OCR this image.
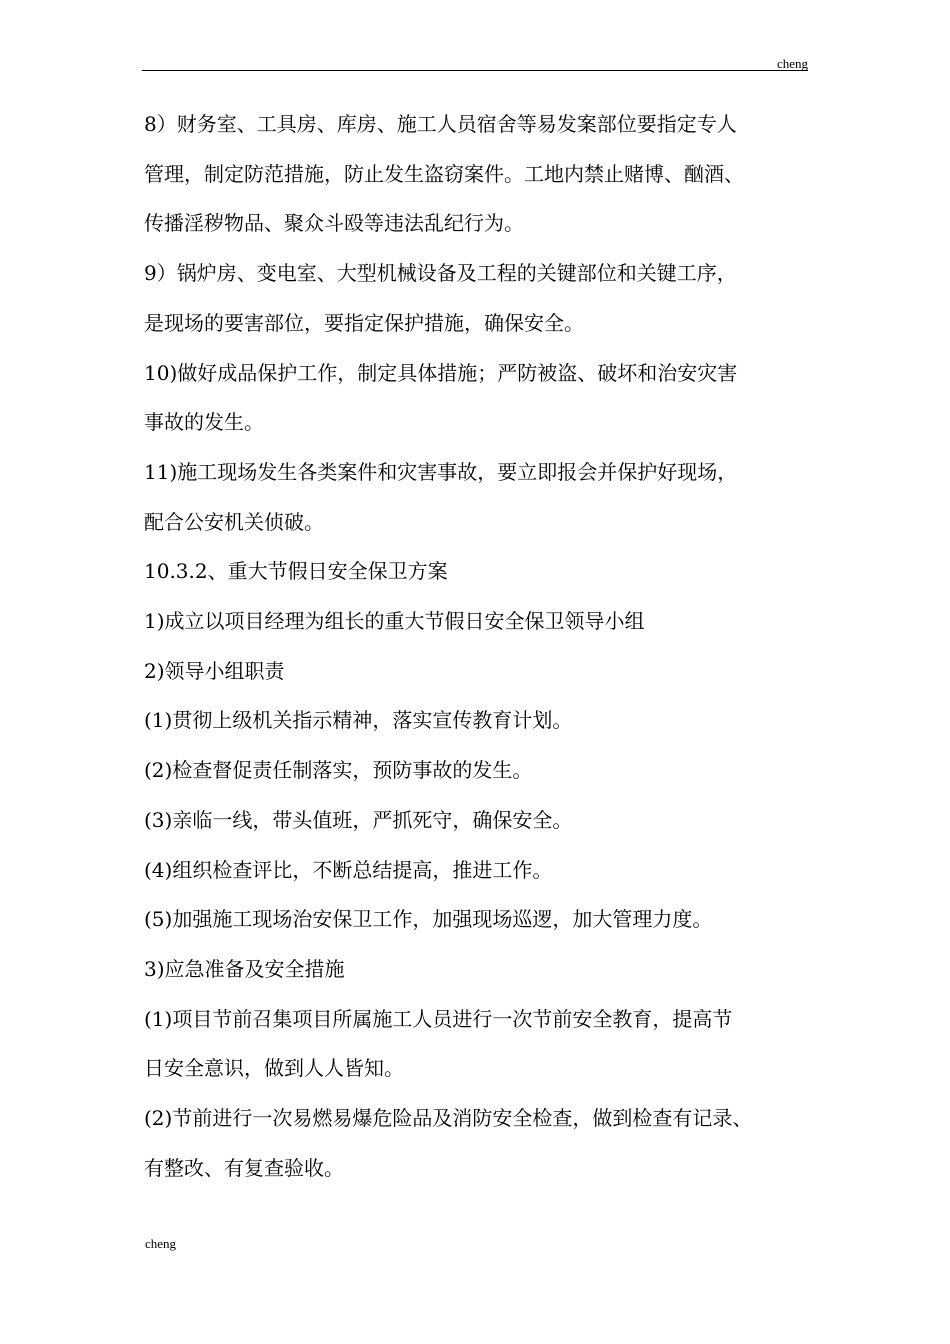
cheng

8）财务室、工具房、库房、施工人员宿舍等易发案部位要指定专人

管理，制定防范措施，防止发生盗窃案件。工地内禁止赌博、酗酒、

传播淫秽物品、聚众斗殴等违法乱纪行为。

9）锅炉房、变电室、大型机械设备及工程的关键部位和关键工序，

是现场的要害部位，要指定保护措施，确保安全。

10)做好成品保护工作，制定具体措施；严防被盗、破坏和治安灾害

事故的发生。

11)施工现场发生各类案件和灾害事故，要立即报会并保护好现场，

配合公安机关侦破。

10.3.2、重大节假日安全保卫方案

1)成立以项目经理为组长的重大节假日安全保卫领导小组

2)领导小组职责

(1)贯彻上级机关指示精神，落实宣传教育计划。

(2)检查督促责任制落实，预防事故的发生。

(3)亲临一线，带头值班，严抓死守，确保安全。

(4)组织检查评比，不断总结提高，推进工作。

(5)加强施工现场治安保卫工作，加强现场巡逻，加大管理力度。

3)应急准备及安全措施

(1)项目节前召集项目所属施工人员进行一次节前安全教育，提高节

日安全意识，做到人人皆知。

(2)节前进行一次易燃易爆危险品及消防安全检查，做到检查有记录、

有整改、有复查验收。

cheng
